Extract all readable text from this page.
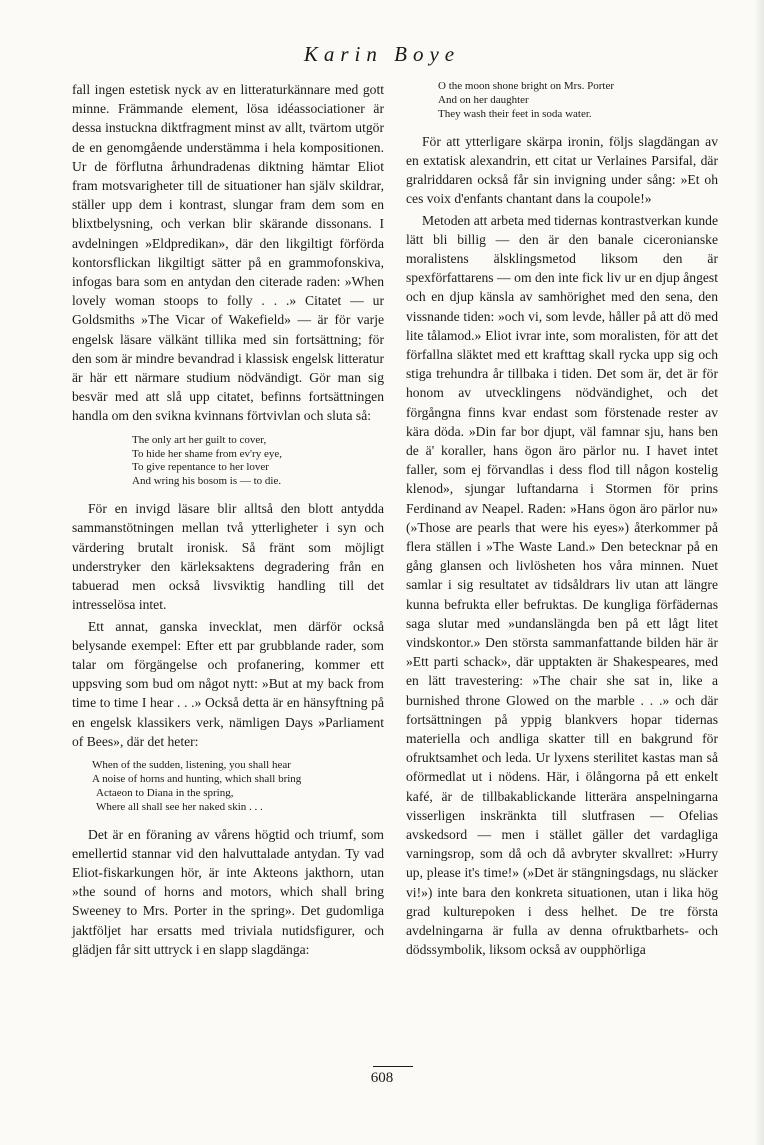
Karin Boye

fall ingen estetisk nyck av en litteraturkännare med gott minne. Främmande element, lösa idéassociationer är dessa instuckna diktfragment minst av allt, tvärtom utgör de en genomgående understämma i hela kompositionen. Ur de förflutna århundradenas diktning hämtar Eliot fram motsvarigheter till de situationer han själv skildrar, ställer upp dem i kontrast, slungar fram dem som en blixtbelysning, och verkan blir skärande dissonans. I avdelningen »Eldpredikan», där den likgiltigt förförda kontorsflickan likgiltigt sätter på en grammofonskiva, infogas bara som en antydan den citerade raden: »When lovely woman stoops to folly . . .» Citatet — ur Goldsmiths »The Vicar of Wakefield» — är för varje engelsk läsare välkänt tillika med sin fortsättning; för den som är mindre bevandrad i klassisk engelsk litteratur är här ett närmare studium nödvändigt. Gör man sig besvär med att slå upp citatet, befinns fortsättningen handla om den svikna kvinnans förtvivlan och sluta så:

The only art her guilt to cover,
To hide her shame from ev'ry eye,
To give repentance to her lover
And wring his bosom is — to die.

För en invigd läsare blir alltså den blott antydda sammanstötningen mellan två ytterligheter i syn och värdering brutalt ironisk. Så fränt som möjligt understryker den kärleksaktens degradering från en tabuerad men också livsviktig handling till det intresselösa intet.

Ett annat, ganska invecklat, men därför också belysande exempel: Efter ett par grubblande rader, som talar om förgängelse och profanering, kommer ett uppsving som bud om något nytt: »But at my back from time to time I hear . . .» Också detta är en hänsyftning på en engelsk klassikers verk, nämligen Days »Parliament of Bees», där det heter:

When of the sudden, listening, you shall hear
A noise of horns and hunting, which shall bring
Actaeon to Diana in the spring,
Where all shall see her naked skin . . .

Det är en föraning av vårens högtid och triumf, som emellertid stannar vid den halvuttalade antydan. Ty vad Eliot-fiskarkungen hör, är inte Akteons jakthorn, utan »the sound of horns and motors, which shall bring Sweeney to Mrs. Porter in the spring». Det gudomliga jaktföljet har ersatts med triviala nutidsfigurer, och glädjen får sitt uttryck i en slapp slagdänga:

O the moon shone bright on Mrs. Porter
And on her daughter
They wash their feet in soda water.

För att ytterligare skärpa ironin, följs slagdängan av en extatisk alexandrin, ett citat ur Verlaines Parsifal, där gralriddaren också får sin invigning under sång: »Et oh ces voix d'enfants chantant dans la coupole!»

Metoden att arbeta med tidernas kontrastverkan kunde lätt bli billig — den är den banale ciceronianske moralistens älsklingsmetod liksom den är spexförfattarens — om den inte fick liv ur en djup ångest och en djup känsla av samhörighet med den sena, den vissnande tiden: »och vi, som levde, håller på att dö med lite tålamod.» Eliot ivrar inte, som moralisten, för att det förfallna släktet med ett krafttag skall rycka upp sig och stiga trehundra år tillbaka i tiden. Det som är, det är för honom av utvecklingens nödvändighet, och det förgångna finns kvar endast som förstenade rester av kära döda. »Din far bor djupt, väl famnar sju, hans ben de ä' koraller, hans ögon äro pärlor nu. I havet intet faller, som ej förvandlas i dess flod till någon kostelig klenod», sjungar luftandarna i Stormen för prins Ferdinand av Neapel. Raden: »Hans ögon äro pärlor nu» (»Those are pearls that were his eyes») återkommer på flera ställen i »The Waste Land.» Den betecknar på en gång glansen och livlösheten hos våra minnen. Nuet samlar i sig resultatet av tidsåldrars liv utan att längre kunna befrukta eller befruktas. De kungliga förfädernas saga slutar med »undanslängda ben på ett lågt litet vindskontor.» Den största sammanfattande bilden här är »Ett parti schack», där upptakten är Shakespeares, med en lätt travestering: »The chair she sat in, like a burnished throne Glowed on the marble . . .» och där fortsättningen på yppig blankvers hopar tidernas materiella och andliga skatter till en bakgrund för ofruktsamhet och leda. Ur lyxens sterilitet kastas man så oförmedlat ut i nödens. Här, i ölångorna på ett enkelt kafé, är de tillbakablickande litterära anspelningarna visserligen inskränkta till slutfrasen — Ofelias avskedsord — men i stället gäller det vardagliga varningsrop, som då och då avbryter skvallret: »Hurry up, please it's time!» (»Det är stängningsdags, nu släcker vi!») inte bara den konkreta situationen, utan i lika hög grad kulturepoken i dess helhet. De tre första avdelningarna är fulla av denna ofruktbarhets- och dödssymbolik, liksom också av oupphörliga

608
